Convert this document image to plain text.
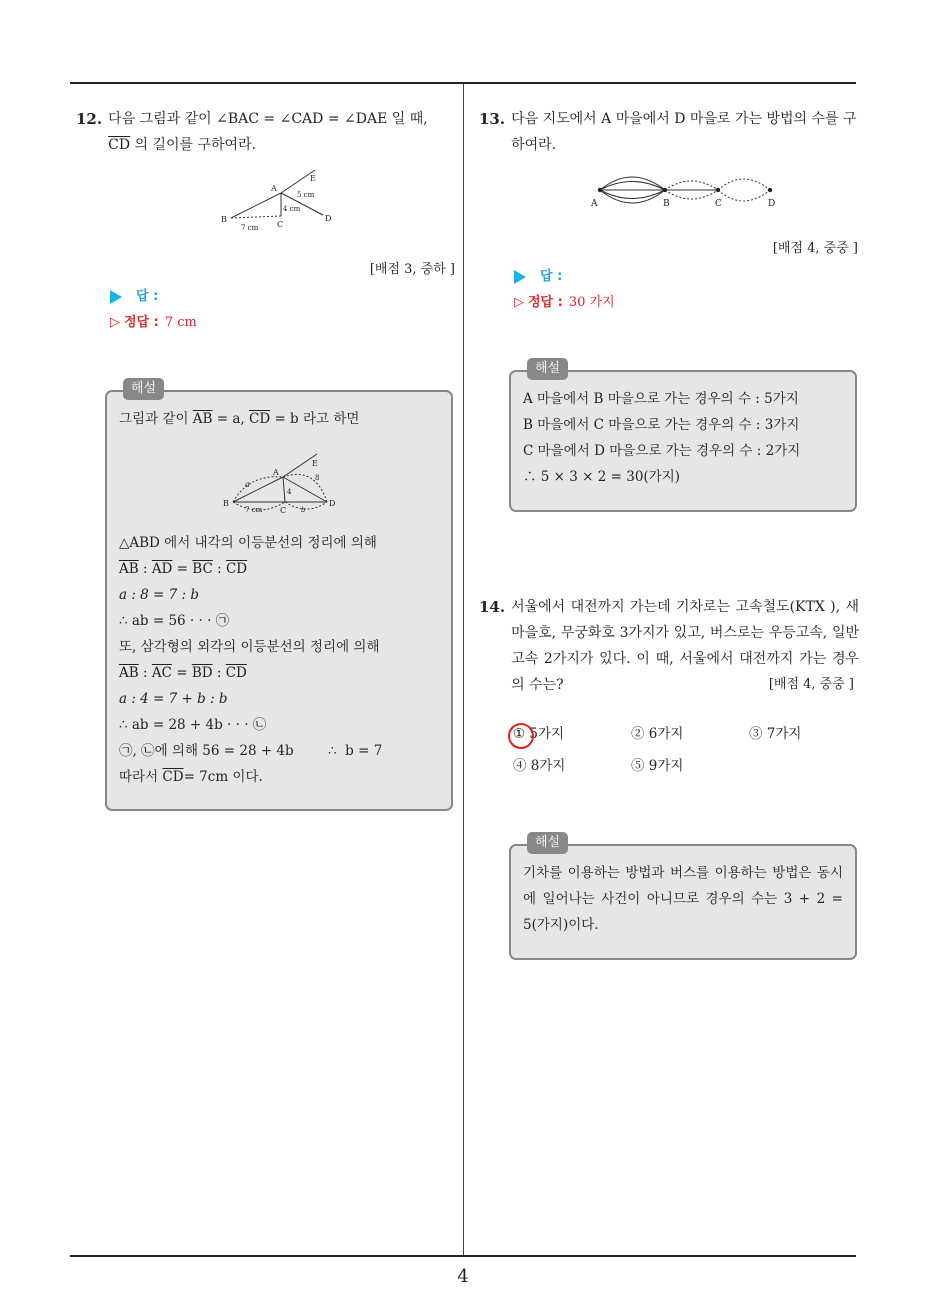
4
12. 다음 그림과 같이 ∠BAC = ∠CAD = ∠DAE 일 때,
$\overline{CD}$ 의 길이를 구하여라.
A
B
C
D
E
7 cm
4 cm
5 cm
[배점 3, 중하 ]
답 :
▷ 정답 : 7 cm
해설
그림과 같이 $\overline{AB} = a$, $\overline{CD} = b$ 라고 하면
A
B
C
D
E
a
8
4
7 cm	b
△ABD 에서 내각의 이등분선의 정리에 의해
$\overline{AB}$ : $\overline{AD} = \overline{BC}$ : $\overline{CD}$
a : 8 = 7 : b
∴ ab = 56 · · · ㉠
또, 삼각형의 외각의 이등분선의 정리에 의해
$\overline{AB}$ : $\overline{AC} = \overline{BD}$ : $\overline{CD}$
a : 4 = 7 + b : b
∴ ab = 28 + 4b · · · ㉡
㉠, ㉡에 의해 56 = 28 + 4b        ∴  b = 7
따라서 $\overline{CD}= 7cm$ 이다.
13. 다음 지도에서 A 마을에서 D 마을로 가는 방법의 수를 구하여라.
A	B	C	D
[배점 4, 중중 ]
답 :
▷ 정답 : 30 가지
해설
A 마을에서 B 마을으로 가는 경우의 수 : 5가지
B 마을에서 C 마을으로 가는 경우의 수 : 3가지
C 마을에서 D 마을으로 가는 경우의 수 : 2가지
∴ 5 × 3 × 2 = 30(가지)
14. 서울에서 대전까지 가는데 기차로는 고속철도(KTX ), 새마을호, 무궁화호 3가지가 있고, 버스로는 우등고속, 일반고속 2가지가 있다. 이 때, 서울에서 대전까지 가는 경우의 수는?	[배점 4, 중중 ]
① 5가지	② 6가지	③ 7가지
④ 8가지	⑤ 9가지
해설
기차를 이용하는 방법과 버스를 이용하는 방법은 동시에 일어나는 사건이 아니므로 경우의 수는 3 + 2 = 5(가지)이다.
